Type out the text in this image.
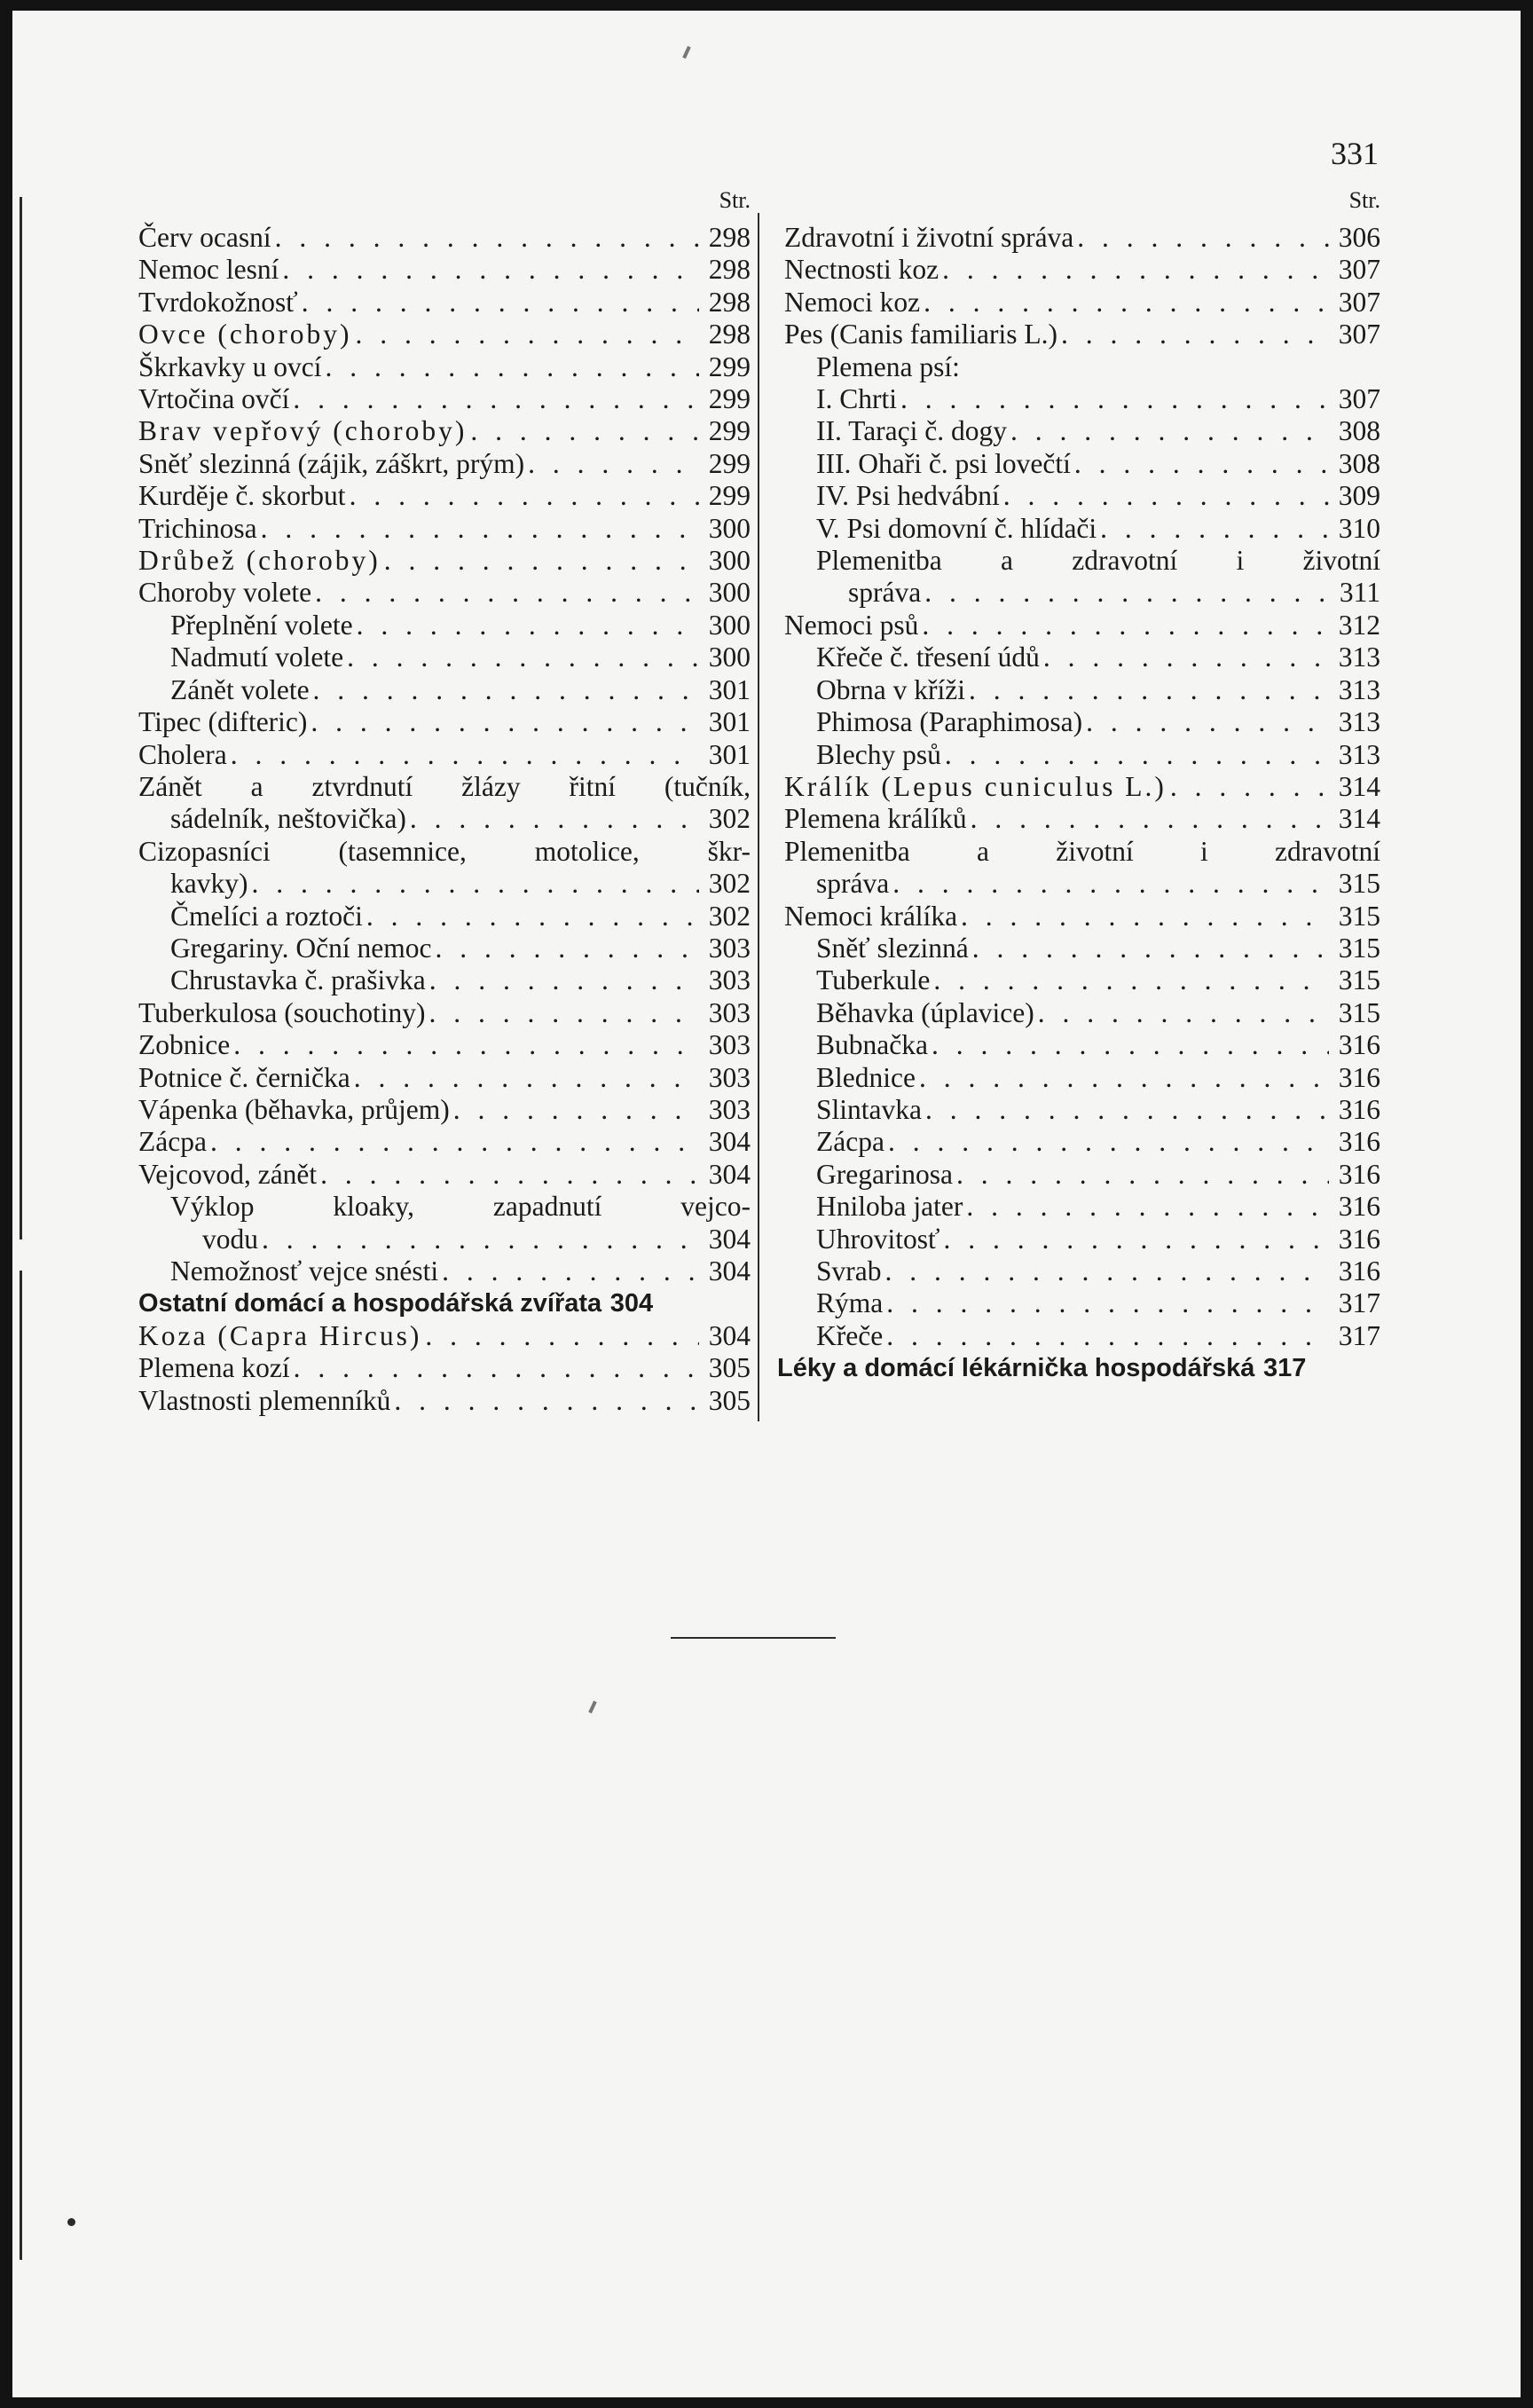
331
Str.
Červ ocasní . . .	298
Nemoc lesní . . .	298
Tvrdokožnosť . . .	298
Ovce (choroby) . . .	298
Škrkavky u ovcí . . .	299
Vrtočina ovčí . . .	299
Brav vepřový (choroby) . . .	299
Sněť slezinná (zájik, záškrt, prým) . . .	299
Kurděje č. skorbut . . .	299
Trichinosa . . .	300
Drůbež (choroby) . . .	300
Choroby volete . . .	300
Přeplnění volete . . .	300
Nadmutí volete . . .	300
Zánět volete . . .	301
Tipec (difteric) . . .	301
Cholera . . .	301
Zánět a ztvrdnutí žlázy řitní (tučník,
sádelník, neštovička) . . .	302
Cizopasníci (tasemnice, motolice, škr-
kavky) . . .	302
Čmelíci a roztoči . . .	302
Gregariny. Oční nemoc . . .	303
Chrustavka č. prašivka . . .	303
Tuberkulosa (souchotiny) . . .	303
Zobnice . . .	303
Potnice č. černička . . .	303
Vápenka (běhavka, průjem) . . .	303
Zácpa . . .	304
Vejcovod, zánět . . .	304
Výklop kloaky, zapadnutí vejco-
vodu . . .	304
Nemožnosť vejce snésti . . .	304
Ostatní domácí a hospodářská zvířata 304
Koza (Capra Hircus) . . .	304
Plemena kozí . . .	305
Vlastnosti plemenníků . . .	305
Str.
Zdravotní i životní správa . . .	306
Nectnosti koz . . .	307
Nemoci koz . . .	307
Pes (Canis familiaris L.) . . .	307
Plemena psí:
I. Chrti . . .	307
II. Taraçi č. dogy . . .	308
III. Ohaři č. psi lovečtí . . .	308
IV. Psi hedvábní . . .	309
V. Psi domovní č. hlídači . . .	310
Plemenitba a zdravotní i životní
správa . . .	311
Nemoci psů . . .	312
Křeče č. třesení údů . . .	313
Obrna v kříži . . .	313
Phimosa (Paraphimosa) . . .	313
Blechy psů . . .	313
Králík (Lepus cuniculus L.) . . .	314
Plemena králíků . . .	314
Plemenitba a životní i zdravotní
správa . . .	315
Nemoci králíka . . .	315
Sněť slezinná . . .	315
Tuberkule . . .	315
Běhavka (úplavice) . . .	315
Bubnačka . . .	316
Blednice . . .	316
Slintavka . . .	316
Zácpa . . .	316
Gregarinosa . . .	316
Hniloba jater . . .	316
Uhrovitosť . . .	316
Svrab . . .	316
Rýma . . .	317
Křeče . . .	317
Léky a domácí lékárnička hospodářská 317
